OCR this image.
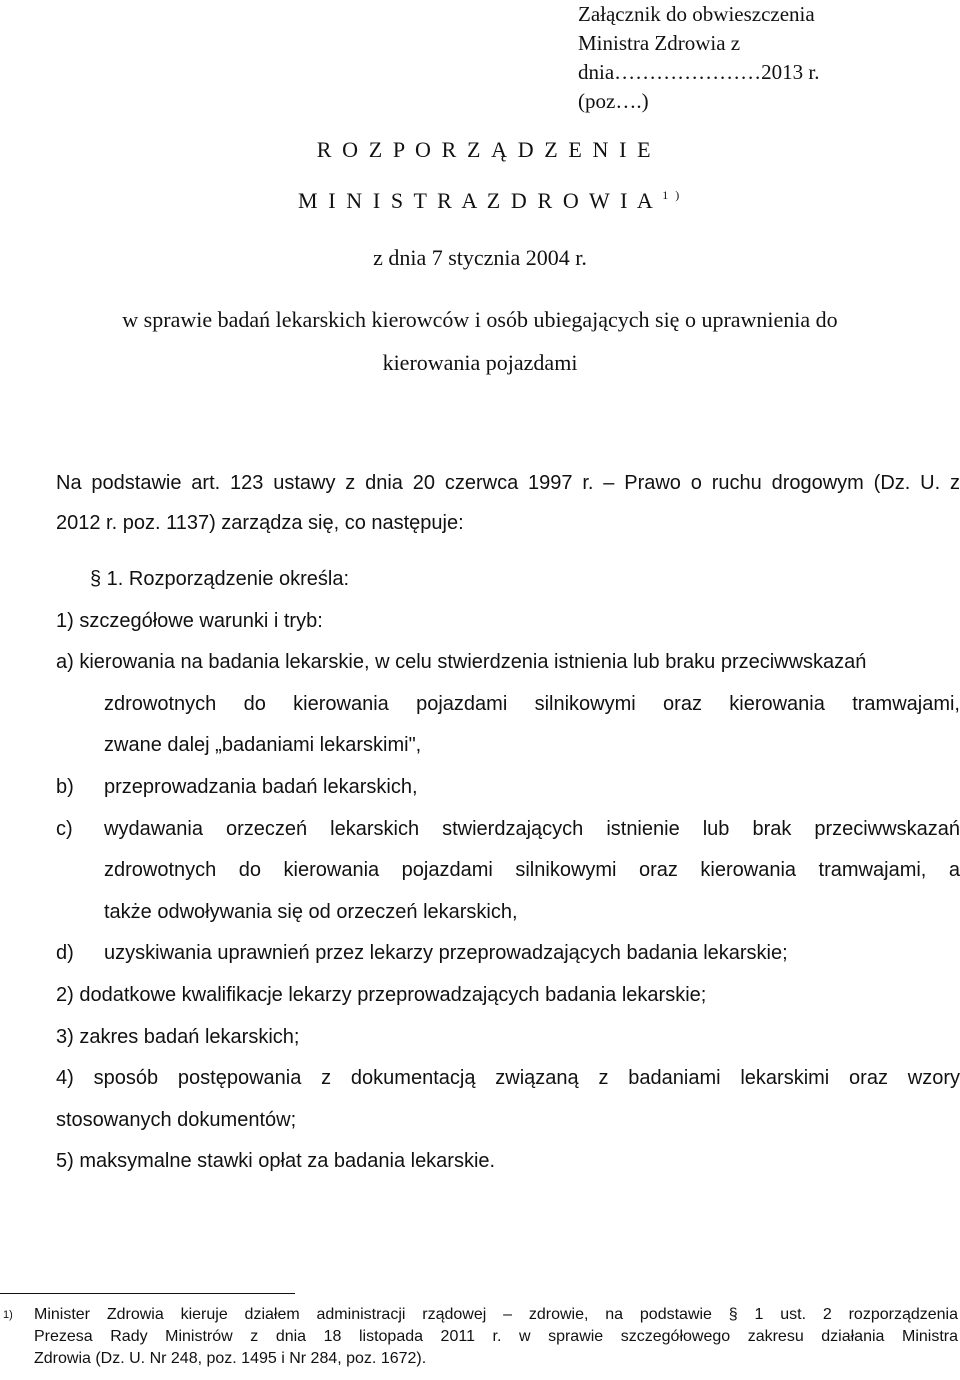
Załącznik do obwieszczenia
Ministra Zdrowia z
dnia…………………2013 r.
(poz….)
R O Z P O R Z Ą D Z E N I E
M I N I S T R A Z D R O W I A $^{1 )}$
z dnia 7 stycznia 2004 r.
w sprawie badań lekarskich kierowców i osób ubiegających się o uprawnienia do
kierowania pojazdami
Na podstawie art. 123 ustawy z dnia 20 czerwca 1997 r. – Prawo o ruchu drogowym (Dz. U. z
2012 r. poz. 1137) zarządza się, co następuje:
§ 1. Rozporządzenie określa:
1) szczegółowe warunki i tryb:
a) kierowania na badania lekarskie, w celu stwierdzenia istnienia lub braku przeciwwskazań
zdrowotnych do kierowania pojazdami silnikowymi oraz kierowania tramwajami,
zwane dalej „badaniami lekarskimi",
b) przeprowadzania badań lekarskich,
c)	wydawania orzeczeń lekarskich stwierdzających istnienie lub brak przeciwwskazań
zdrowotnych do kierowania pojazdami silnikowymi oraz kierowania tramwajami, a
także odwoływania się od orzeczeń lekarskich,
d) uzyskiwania uprawnień przez lekarzy przeprowadzających badania lekarskie;
2) dodatkowe kwalifikacje lekarzy przeprowadzających badania lekarskie;
3) zakres badań lekarskich;
4) sposób postępowania z dokumentacją związaną z badaniami lekarskimi oraz wzory
stosowanych dokumentów;
5) maksymalne stawki opłat za badania lekarskie.
1) Minister Zdrowia kieruje działem administracji rządowej – zdrowie, na podstawie § 1 ust. 2 rozporządzenia
Prezesa Rady Ministrów z dnia 18 listopada 2011 r. w sprawie szczegółowego zakresu działania Ministra
Zdrowia (Dz. U. Nr 248, poz. 1495 i Nr 284, poz. 1672).
